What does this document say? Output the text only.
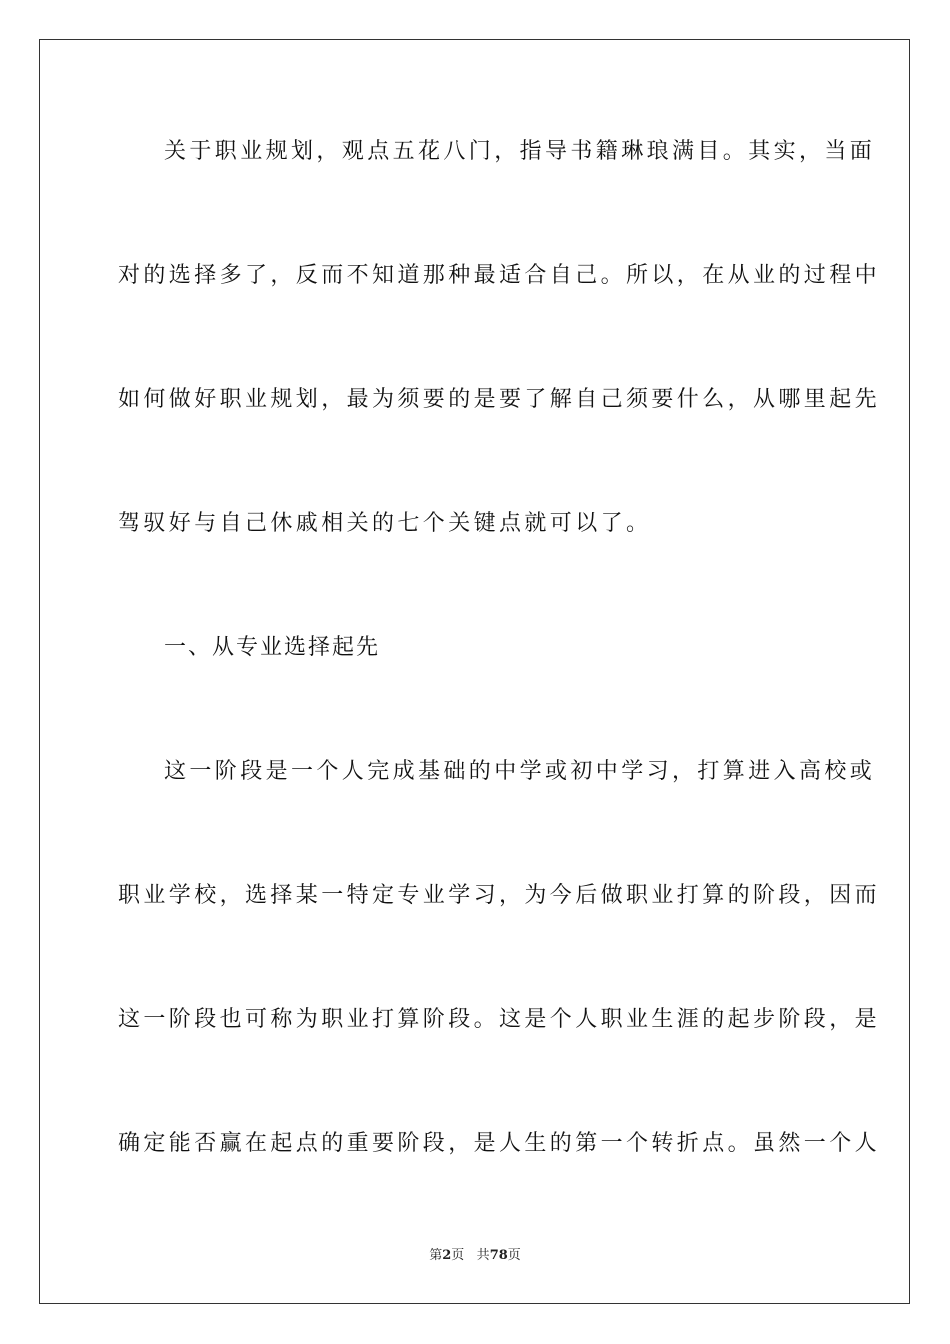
关于职业规划，观点五花八门，指导书籍琳琅满目。其实，当面
对的选择多了，反而不知道那种最适合自己。所以，在从业的过程中
如何做好职业规划，最为须要的是要了解自己须要什么，从哪里起先
驾驭好与自己休戚相关的七个关键点就可以了。
一、从专业选择起先
这一阶段是一个人完成基础的中学或初中学习，打算进入高校或
职业学校，选择某一特定专业学习，为今后做职业打算的阶段，因而
这一阶段也可称为职业打算阶段。这是个人职业生涯的起步阶段，是
确定能否赢在起点的重要阶段，是人生的第一个转折点。虽然一个人
第2页 共78页
